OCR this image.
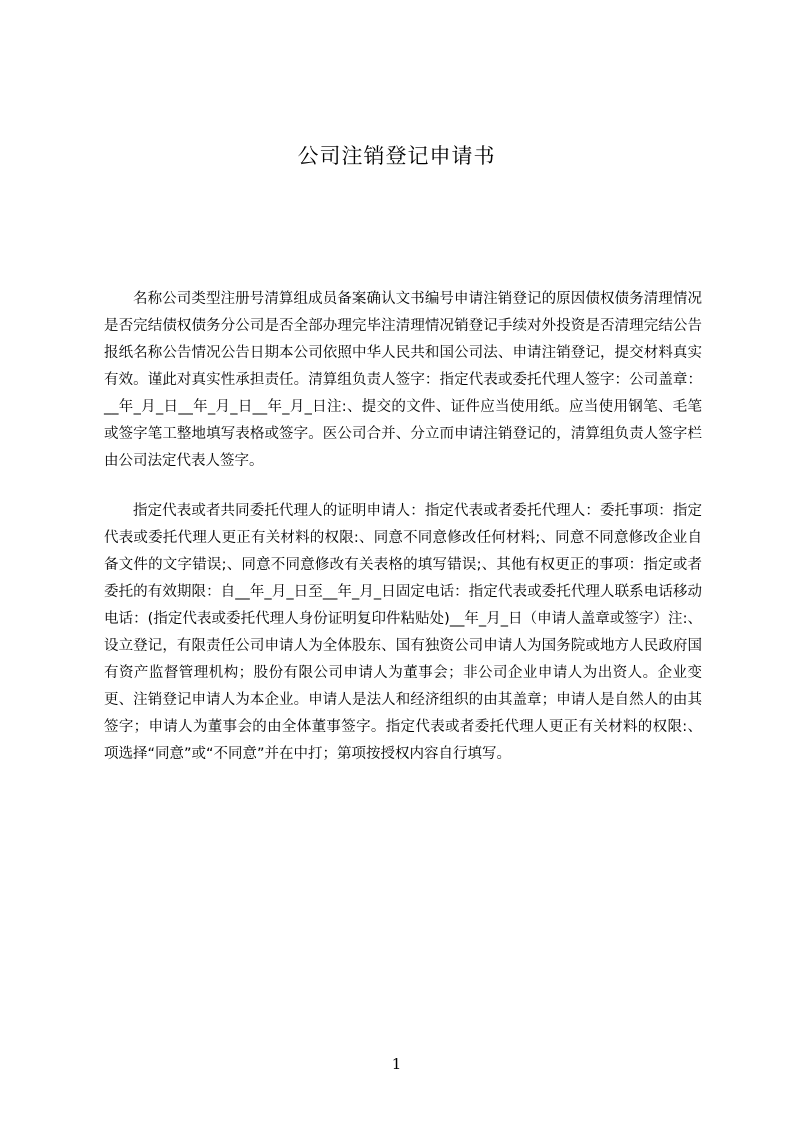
公司注销登记申请书

名称公司类型注册号清算组成员备案确认文书编号申请注销登记的原因债权债务清理情况是否完结债权债务分公司是否全部办理完毕注清理情况销登记手续对外投资是否清理完结公告报纸名称公告情况公告日期本公司依照中华人民共和国公司法、申请注销登记，提交材料真实有效。谨此对真实性承担责任。清算组负责人签字：指定代表或委托代理人签字：公司盖章：__年_月_日__年_月_日__年_月_日注:、提交的文件、证件应当使用纸。应当使用钢笔、毛笔或签字笔工整地填写表格或签字。医公司合并、分立而申请注销登记的，清算组负责人签字栏由公司法定代表人签字。

指定代表或者共同委托代理人的证明申请人：指定代表或者委托代理人：委托事项：指定代表或委托代理人更正有关材料的权限:、同意不同意修改任何材料;、同意不同意修改企业自备文件的文字错误;、同意不同意修改有关表格的填写错误;、其他有权更正的事项：指定或者委托的有效期限：自__年_月_日至__年_月_日固定电话：指定代表或委托代理人联系电话移动电话：(指定代表或委托代理人身份证明复印件粘贴处)__年_月_日（申请人盖章或签字）注:、设立登记，有限责任公司申请人为全体股东、国有独资公司申请人为国务院或地方人民政府国有资产监督管理机构；股份有限公司申请人为董事会；非公司企业申请人为出资人。企业变更、注销登记申请人为本企业。申请人是法人和经济组织的由其盖章；申请人是自然人的由其签字；申请人为董事会的由全体董事签字。指定代表或者委托代理人更正有关材料的权限:、项选择“同意”或“不同意”并在中打；第项按授权内容自行填写。

1
